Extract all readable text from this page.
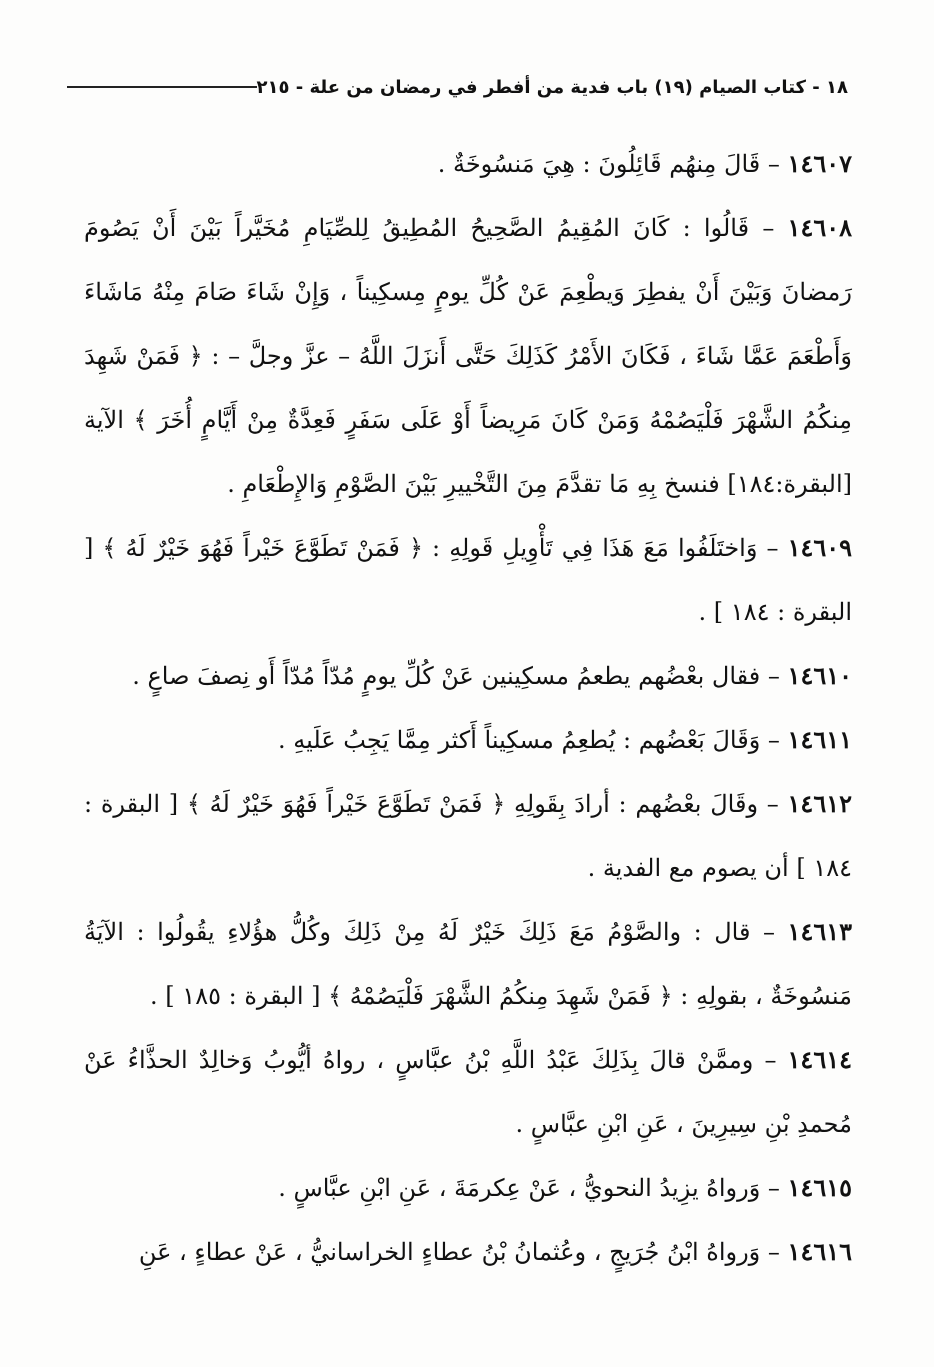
١٨ - كتاب الصيام (١٩) باب فدية من أفطر في رمضان من علة - ٢١٥

١٤٦٠٧ – قَالَ مِنهُم قَائِلُونَ : هِيَ مَنسُوخَةٌ .

١٤٦٠٨ – قَالُوا : كَانَ المُقِيمُ الصَّحِيحُ المُطِيقُ لِلصِّيَامِ مُخَيَّراً بَيْنَ أَنْ يَصُومَ رَمضانَ وَبَيْنَ أَنْ يفطِرَ وَيطْعِمَ عَنْ كُلِّ يومٍ مِسكِيناً ، وَإِنْ شَاءَ صَامَ مِنْهُ مَاشَاءَ وَأَطْعَمَ عَمَّا شَاءَ ، فَكَانَ الأَمْرُ كَذَلِكَ حَتَّى أَنزَلَ اللَّهُ – عزَّ وجلَّ – : ﴿ فَمَنْ شَهِدَ مِنكُمُ الشَّهْرَ فَلْيَصُمْهُ وَمَنْ كَانَ مَرِيضاً أَوْ عَلَى سَفَرٍ فَعِدَّةٌ مِنْ أَيَّامٍ أُخَرَ ﴾ الآية [البقرة:١٨٤] فنسخ بِهِ مَا تقدَّمَ مِنَ التَّخْييرِ بَيْنَ الصَّوْمِ وَالإِطْعَامِ .

١٤٦٠٩ – وَاختَلَفُوا مَعَ هَذَا فِي تَأْوِيلِ قَولِهِ : ﴿ فَمَنْ تَطَوَّعَ خَيْراً فَهُوَ خَيْرٌ لَهُ ﴾ [ البقرة : ١٨٤ ] .

١٤٦١٠ – فقال بعْضُهم يطعمُ مسكِينين عَنْ كُلِّ يومٍ مُدّاً مُدّاً أَو نِصفَ صاعٍ .

١٤٦١١ – وَقَالَ بَعْضُهم : يُطعِمُ مسكِيناً أَكثر مِمَّا يَجِبُ عَلَيهِ .

١٤٦١٢ – وقَالَ بعْضُهم : أرادَ بِقَولِهِ ﴿ فَمَنْ تَطَوَّعَ خَيْراً فَهُوَ خَيْرٌ لَهُ ﴾ [ البقرة : ١٨٤ ] أن يصوم مع الفدية .

١٤٦١٣ – قال : والصَّوْمُ مَعَ ذَلِكَ خَيْرٌ لَهُ مِنْ ذَلِكَ وكُلُّ هؤُلاءِ يقُولُوا : الآيَةُ مَنسُوخَةٌ ، بقولِهِ : ﴿ فَمَنْ شَهِدَ مِنكُمُ الشَّهْرَ فَلْيَصُمْهُ ﴾ [ البقرة : ١٨٥ ] .

١٤٦١٤ – وممَّنْ قالَ بِذَلِكَ عَبْدُ اللَّهِ بْنُ عبَّاسٍ ، رواهُ أيُّوبُ وَخالِدٌ الحذَّاءُ عَنْ مُحمدِ بْنِ سِيرِينَ ، عَنِ ابْنِ عبَّاسٍ .

١٤٦١٥ – وَرواهُ يزِيدُ النحويُّ ، عَنْ عِكرمَةَ ، عَنِ ابْنِ عبَّاسٍ .

١٤٦١٦ – وَرواهُ ابْنُ جُرَيجٍ ، وعُثمانُ بْنُ عطاءٍ الخراسانيُّ ، عَنْ عطاءٍ ، عَنِ
